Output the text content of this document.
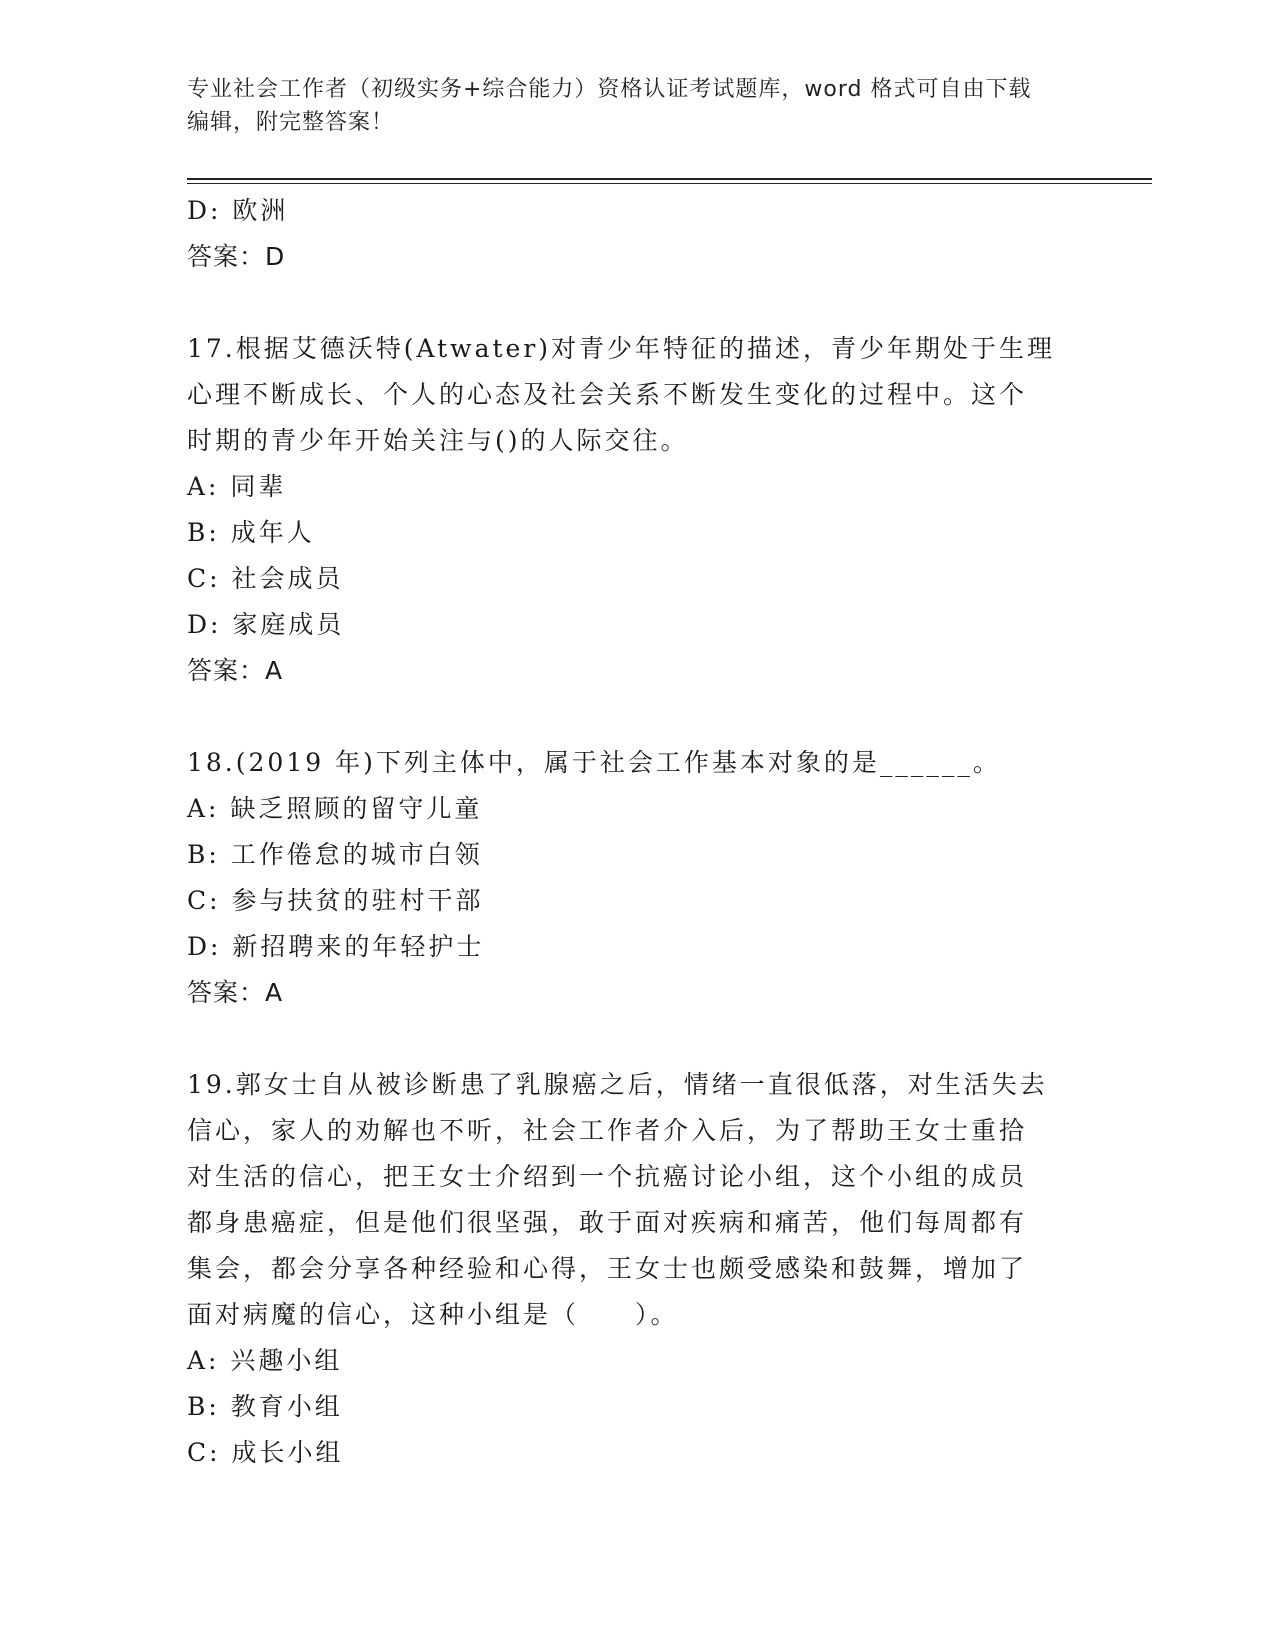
专业社会工作者（初级实务+综合能力）资格认证考试题库，word 格式可自由下载
编辑，附完整答案！
D: 欧洲
答案：D
17.根据艾德沃特(Atwater)对青少年特征的描述，青少年期处于生理
心理不断成长、个人的心态及社会关系不断发生变化的过程中。这个
时期的青少年开始关注与()的人际交往。
A: 同辈
B: 成年人
C: 社会成员
D: 家庭成员
答案：A
18.(2019 年)下列主体中，属于社会工作基本对象的是______。
A: 缺乏照顾的留守儿童
B: 工作倦怠的城市白领
C: 参与扶贫的驻村干部
D: 新招聘来的年轻护士
答案：A
19.郭女士自从被诊断患了乳腺癌之后，情绪一直很低落，对生活失去
信心，家人的劝解也不听，社会工作者介入后，为了帮助王女士重拾
对生活的信心，把王女士介绍到一个抗癌讨论小组，这个小组的成员
都身患癌症，但是他们很坚强，敢于面对疾病和痛苦，他们每周都有
集会，都会分享各种经验和心得，王女士也颇受感染和鼓舞，增加了
面对病魔的信心，这种小组是（　　）。
A: 兴趣小组
B: 教育小组
C: 成长小组
